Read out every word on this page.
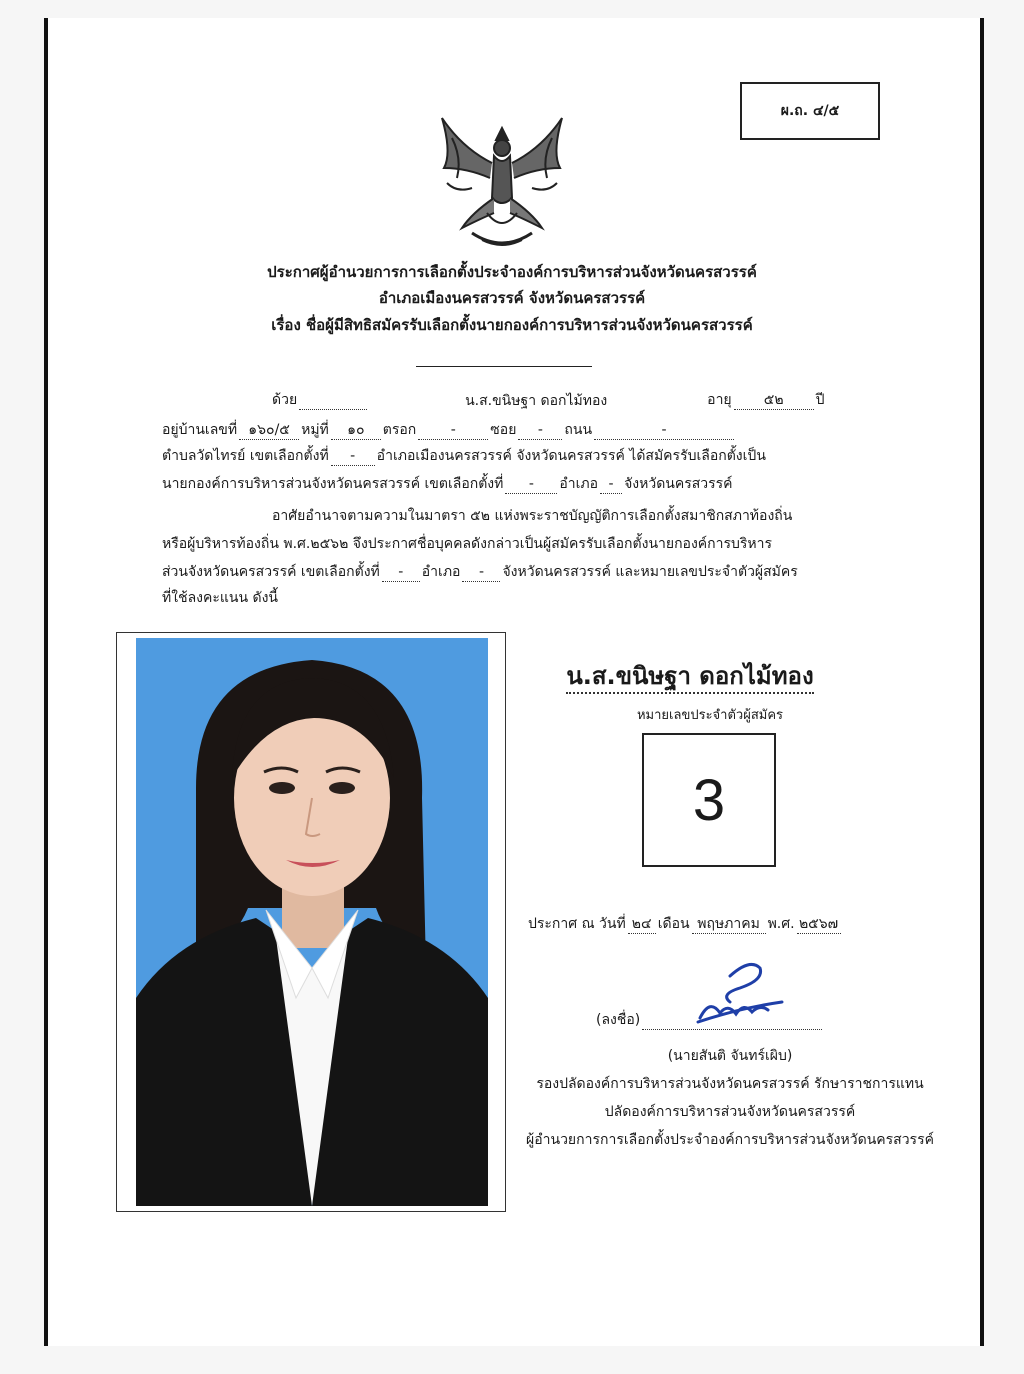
ผ.ถ. ๔/๕
ประกาศผู้อำนวยการการเลือกตั้งประจำองค์การบริหารส่วนจังหวัดนครสวรรค์
อำเภอเมืองนครสวรรค์ จังหวัดนครสวรรค์
เรื่อง ชื่อผู้มีสิทธิสมัครรับเลือกตั้งนายกองค์การบริหารส่วนจังหวัดนครสวรรค์
ด้วย	น.ส.ขนิษฐา ดอกไม้ทอง	อายุ ๕๒ ปี
อยู่บ้านเลขที่ ๑๖๐/๕ หมู่ที่ ๑๐ ตรอก - ซอย - ถนน	-
ตำบลวัดไทรย์ เขตเลือกตั้งที่ - อำเภอเมืองนครสวรรค์ จังหวัดนครสวรรค์ ได้สมัครรับเลือกตั้งเป็น
นายกองค์การบริหารส่วนจังหวัดนครสวรรค์ เขตเลือกตั้งที่ - อำเภอ - จังหวัดนครสวรรค์
อาศัยอำนาจตามความในมาตรา ๕๒ แห่งพระราชบัญญัติการเลือกตั้งสมาชิกสภาท้องถิ่น
หรือผู้บริหารท้องถิ่น พ.ศ.๒๕๖๒ จึงประกาศชื่อบุคคลดังกล่าวเป็นผู้สมัครรับเลือกตั้งนายกองค์การบริหาร
ส่วนจังหวัดนครสวรรค์ เขตเลือกตั้งที่ - อำเภอ - จังหวัดนครสวรรค์ และหมายเลขประจำตัวผู้สมัคร
ที่ใช้ลงคะแนน ดังนี้
น.ส.ขนิษฐา ดอกไม้ทอง
หมายเลขประจำตัวผู้สมัคร
3
ประกาศ ณ วันที่ ๒๔ เดือน พฤษภาคม พ.ศ. ๒๕๖๗
(ลงชื่อ)
(นายสันติ จันทร์เผิบ)
รองปลัดองค์การบริหารส่วนจังหวัดนครสวรรค์ รักษาราชการแทน
ปลัดองค์การบริหารส่วนจังหวัดนครสวรรค์
ผู้อำนวยการการเลือกตั้งประจำองค์การบริหารส่วนจังหวัดนครสวรรค์
